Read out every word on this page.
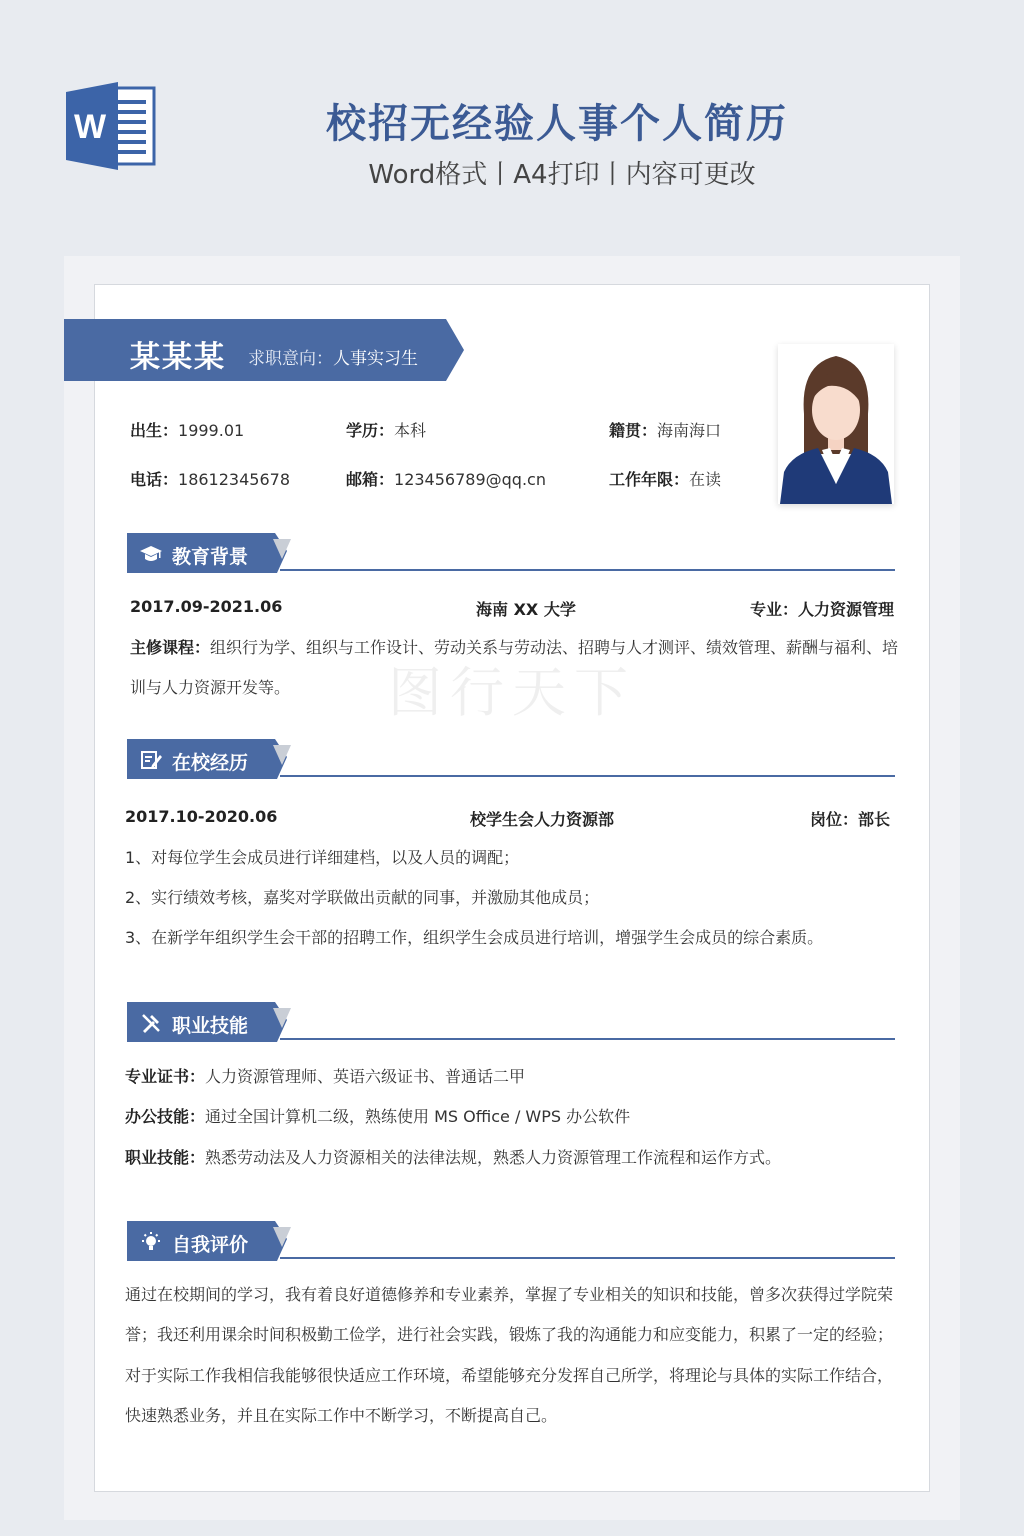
W	校招无经验人事个人简历
Word格式丨A4打印丨内容可更改
图行天下
某某某 求职意向：人事实习生
出生：1999.01	学历：本科	籍贯：海南海口
电话：18612345678	邮箱：123456789@qq.cn	工作年限：在读
教育背景
2017.09-2021.06	海南 XX 大学	专业：人力资源管理
主修课程：组织行为学、组织与工作设计、劳动关系与劳动法、招聘与人才测评、绩效管理、薪酬与福利、培
训与人力资源开发等。
在校经历
2017.10-2020.06	校学生会人力资源部	岗位：部长
1、对每位学生会成员进行详细建档，以及人员的调配；
2、实行绩效考核，嘉奖对学联做出贡献的同事，并激励其他成员；
3、在新学年组织学生会干部的招聘工作，组织学生会成员进行培训，增强学生会成员的综合素质。
职业技能
专业证书：人力资源管理师、英语六级证书、普通话二甲
办公技能：通过全国计算机二级，熟练使用 MS Office / WPS 办公软件
职业技能：熟悉劳动法及人力资源相关的法律法规，熟悉人力资源管理工作流程和运作方式。
自我评价
通过在校期间的学习，我有着良好道德修养和专业素养，掌握了专业相关的知识和技能，曾多次获得过学院荣
誉；我还利用课余时间积极勤工俭学，进行社会实践，锻炼了我的沟通能力和应变能力，积累了一定的经验；
对于实际工作我相信我能够很快适应工作环境，希望能够充分发挥自己所学，将理论与具体的实际工作结合，
快速熟悉业务，并且在实际工作中不断学习，不断提高自己。
